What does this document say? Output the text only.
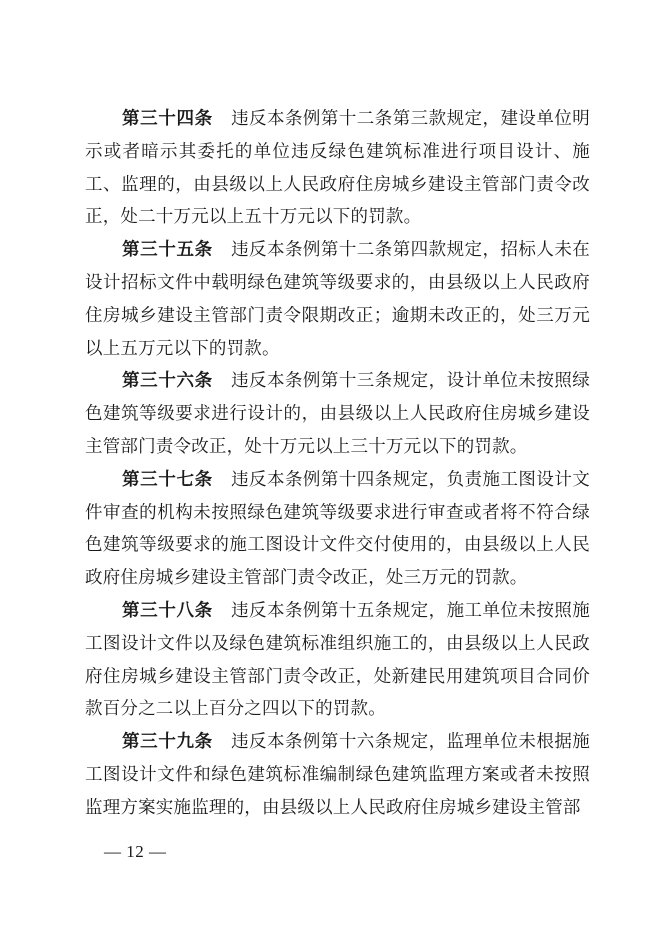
第三十四条 违反本条例第十二条第三款规定，建设单位明示或者暗示其委托的单位违反绿色建筑标准进行项目设计、施工、监理的，由县级以上人民政府住房城乡建设主管部门责令改正，处二十万元以上五十万元以下的罚款。

第三十五条 违反本条例第十二条第四款规定，招标人未在设计招标文件中载明绿色建筑等级要求的，由县级以上人民政府住房城乡建设主管部门责令限期改正；逾期未改正的，处三万元以上五万元以下的罚款。

第三十六条 违反本条例第十三条规定，设计单位未按照绿色建筑等级要求进行设计的，由县级以上人民政府住房城乡建设主管部门责令改正，处十万元以上三十万元以下的罚款。

第三十七条 违反本条例第十四条规定，负责施工图设计文件审查的机构未按照绿色建筑等级要求进行审查或者将不符合绿色建筑等级要求的施工图设计文件交付使用的，由县级以上人民政府住房城乡建设主管部门责令改正，处三万元的罚款。

第三十八条 违反本条例第十五条规定，施工单位未按照施工图设计文件以及绿色建筑标准组织施工的，由县级以上人民政府住房城乡建设主管部门责令改正，处新建民用建筑项目合同价款百分之二以上百分之四以下的罚款。

第三十九条 违反本条例第十六条规定，监理单位未根据施工图设计文件和绿色建筑标准编制绿色建筑监理方案或者未按照监理方案实施监理的，由县级以上人民政府住房城乡建设主管部

— 12 —
